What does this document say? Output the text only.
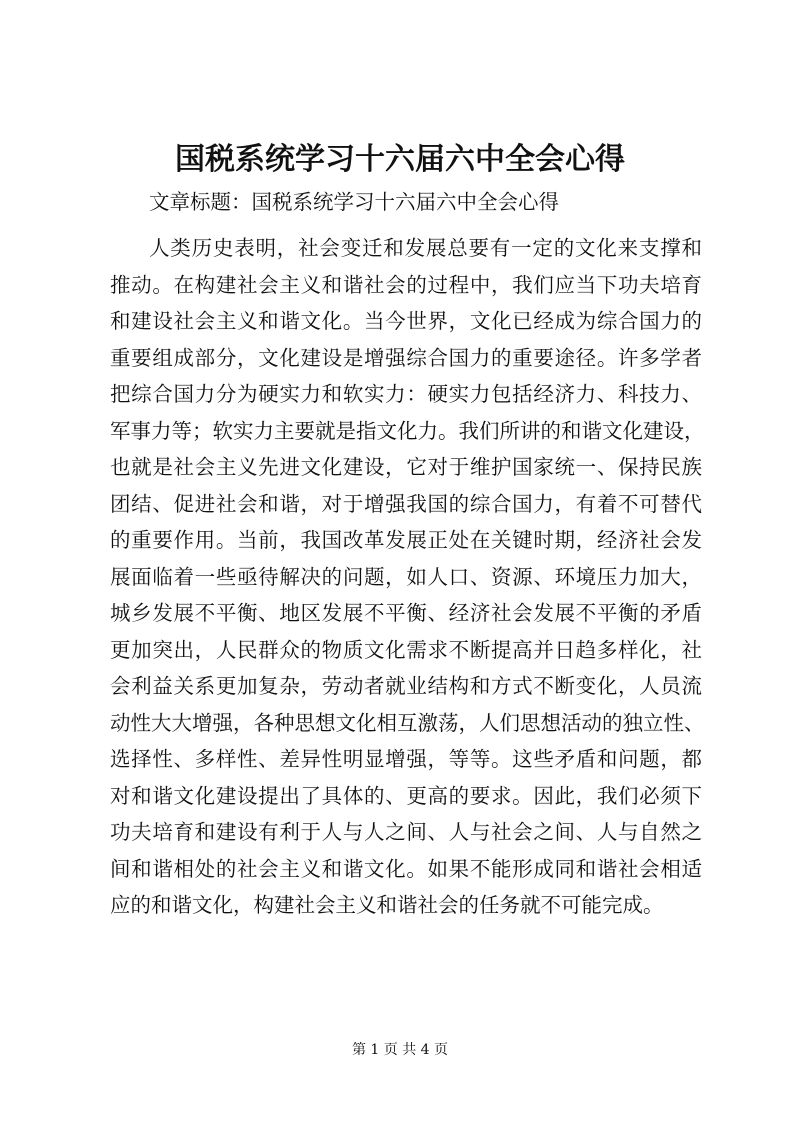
国税系统学习十六届六中全会心得

文章标题：国税系统学习十六届六中全会心得

人类历史表明，社会变迁和发展总要有一定的文化来支撑和
推动。在构建社会主义和谐社会的过程中，我们应当下功夫培育
和建设社会主义和谐文化。当今世界，文化已经成为综合国力的
重要组成部分，文化建设是增强综合国力的重要途径。许多学者
把综合国力分为硬实力和软实力：硬实力包括经济力、科技力、
军事力等；软实力主要就是指文化力。我们所讲的和谐文化建设，
也就是社会主义先进文化建设，它对于维护国家统一、保持民族
团结、促进社会和谐，对于增强我国的综合国力，有着不可替代
的重要作用。当前，我国改革发展正处在关键时期，经济社会发
展面临着一些亟待解决的问题，如人口、资源、环境压力加大，
城乡发展不平衡、地区发展不平衡、经济社会发展不平衡的矛盾
更加突出，人民群众的物质文化需求不断提高并日趋多样化，社
会利益关系更加复杂，劳动者就业结构和方式不断变化，人员流
动性大大增强，各种思想文化相互激荡，人们思想活动的独立性、
选择性、多样性、差异性明显增强，等等。这些矛盾和问题，都
对和谐文化建设提出了具体的、更高的要求。因此，我们必须下
功夫培育和建设有利于人与人之间、人与社会之间、人与自然之
间和谐相处的社会主义和谐文化。如果不能形成同和谐社会相适
应的和谐文化，构建社会主义和谐社会的任务就不可能完成。

第 1 页 共 4 页
